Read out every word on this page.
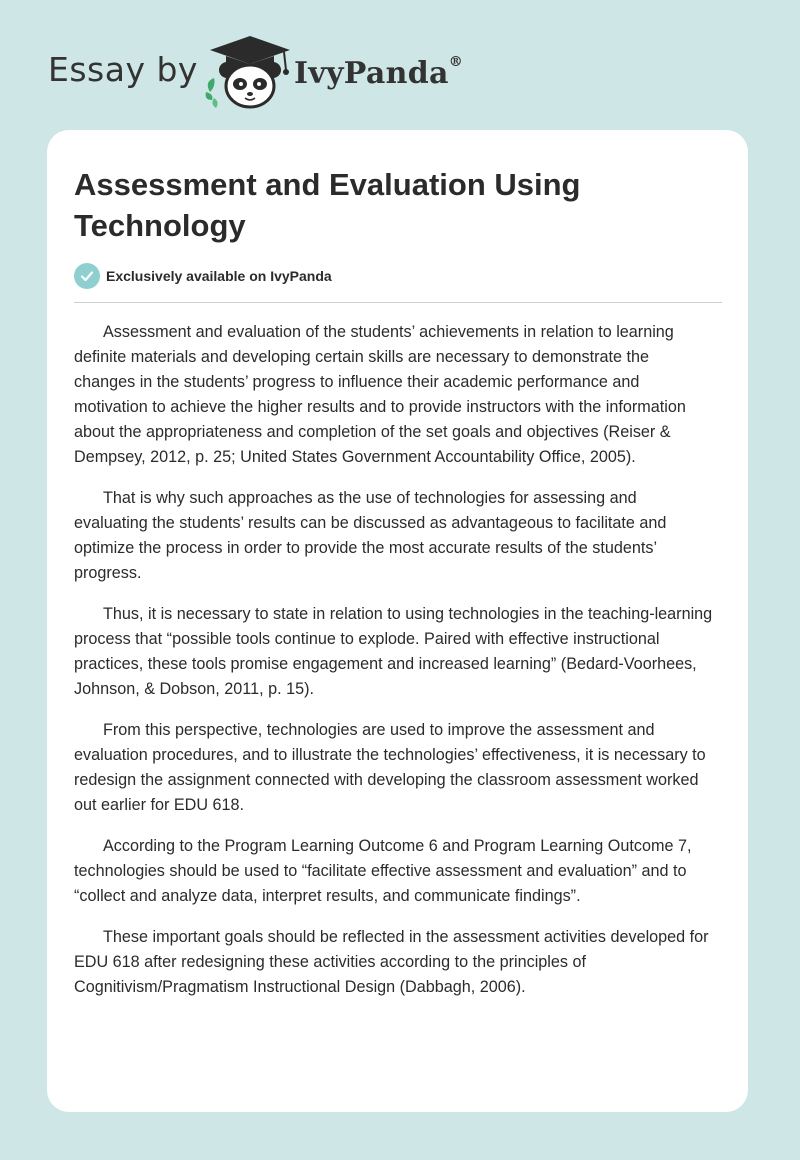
Essay by	IvyPanda®
Assessment and Evaluation Using Technology
Exclusively available on IvyPanda

Assessment and evaluation of the students’ achievements in relation to learning definite materials and developing certain skills are necessary to demonstrate the changes in the students’ progress to influence their academic performance and motivation to achieve the higher results and to provide instructors with the information about the appropriateness and completion of the set goals and objectives (Reiser & Dempsey, 2012, p. 25; United States Government Accountability Office, 2005).

That is why such approaches as the use of technologies for assessing and evaluating the students’ results can be discussed as advantageous to facilitate and optimize the process in order to provide the most accurate results of the students’ progress.

Thus, it is necessary to state in relation to using technologies in the teaching-learning process that “possible tools continue to explode. Paired with effective instructional practices, these tools promise engagement and increased learning” (Bedard-Voorhees, Johnson, & Dobson, 2011, p. 15).

From this perspective, technologies are used to improve the assessment and evaluation procedures, and to illustrate the technologies’ effectiveness, it is necessary to redesign the assignment connected with developing the classroom assessment worked out earlier for EDU 618.

According to the Program Learning Outcome 6 and Program Learning Outcome 7, technologies should be used to “facilitate effective assessment and evaluation” and to “collect and analyze data, interpret results, and communicate findings”.

These important goals should be reflected in the assessment activities developed for EDU 618 after redesigning these activities according to the principles of Cognitivism/Pragmatism Instructional Design (Dabbagh, 2006).
